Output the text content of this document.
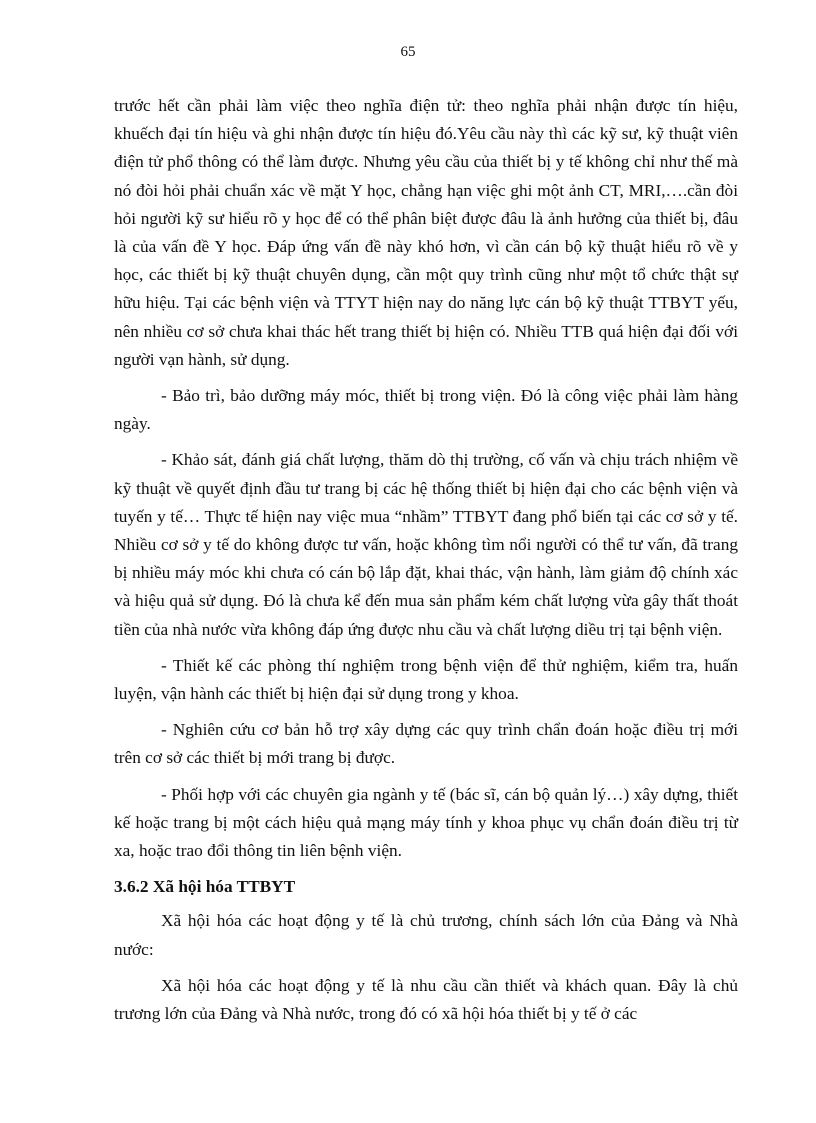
65

trước hết cần phải làm việc theo nghĩa điện tử: theo nghĩa phải nhận được tín hiệu, khuếch đại tín hiệu và ghi nhận được tín hiệu đó.Yêu cầu này thì các kỹ sư, kỹ thuật viên điện tử phổ thông có thể làm được. Nhưng yêu cầu của thiết bị y tế không chỉ như thế mà nó đòi hỏi phải chuẩn xác về mặt Y học, chẳng hạn việc ghi một ảnh CT, MRI,….cần đòi hỏi người kỹ sư hiểu rõ y học để có thể phân biệt được đâu là ảnh hưởng của thiết bị, đâu là của vấn đề Y học. Đáp ứng vấn đề này khó hơn, vì cần cán bộ kỹ thuật hiểu rõ về y học, các thiết bị kỹ thuật chuyên dụng, cần một quy trình cũng như một tổ chức thật sự hữu hiệu. Tại các bệnh viện và TTYT hiện nay do năng lực cán bộ kỹ thuật TTBYT yếu, nên nhiều cơ sở chưa khai thác hết trang thiết bị hiện có. Nhiều TTB quá hiện đại đối với người vạn hành, sử dụng.

- Bảo trì, bảo dưỡng máy móc, thiết bị trong viện. Đó là công việc phải làm hàng ngày.

- Khảo sát, đánh giá chất lượng, thăm dò thị trường, cố vấn và chịu trách nhiệm về kỹ thuật về quyết định đầu tư trang bị các hệ thống thiết bị hiện đại cho các bệnh viện và tuyến y tế… Thực tế hiện nay việc mua “nhầm” TTBYT đang phổ biến tại các cơ sở y tế. Nhiều cơ sở y tế do không được tư vấn, hoặc không tìm nổi người có thể tư vấn, đã trang bị nhiều máy móc khi chưa có cán bộ lắp đặt, khai thác, vận hành, làm giảm độ chính xác và hiệu quả sử dụng. Đó là chưa kể đến mua sản phẩm kém chất lượng vừa gây thất thoát tiền của nhà nước vừa không đáp ứng được nhu cầu và chất lượng diều trị tại bệnh viện.

- Thiết kế các phòng thí nghiệm trong bệnh viện để thử nghiệm, kiểm tra, huấn luyện, vận hành các thiết bị hiện đại sử dụng trong y khoa.

- Nghiên cứu cơ bản hỗ trợ xây dựng các quy trình chẩn đoán hoặc điều trị mới trên cơ sở các thiết bị mới trang bị được.

- Phối hợp với các chuyên gia ngành y tế (bác sĩ, cán bộ quản lý…) xây dựng, thiết kế hoặc trang bị một cách hiệu quả mạng máy tính y khoa phục vụ chẩn đoán điều trị từ xa, hoặc trao đổi thông tin liên bệnh viện.

3.6.2 Xã hội hóa TTBYT

Xã hội hóa các hoạt động y tế là chủ trương, chính sách lớn của Đảng và Nhà nước:

Xã hội hóa các hoạt động y tế là nhu cầu cần thiết và khách quan. Đây là chủ trương lớn của Đảng và Nhà nước, trong đó có xã hội hóa thiết bị y tế ở các
